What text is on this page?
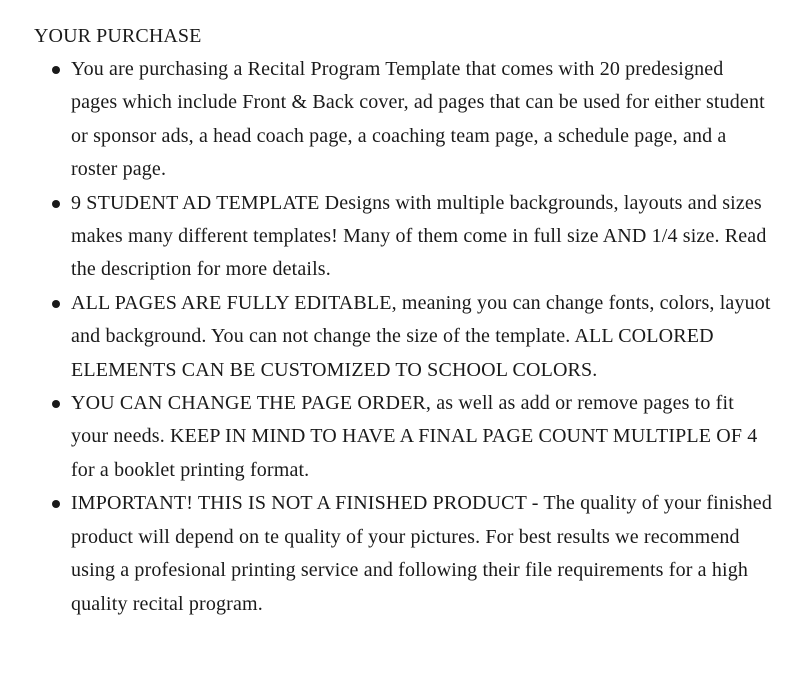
YOUR PURCHASE
You are purchasing a Recital Program Template that comes with 20 predesigned pages which include Front & Back cover, ad pages that can be used for either student or sponsor ads, a head coach page, a coaching team page, a schedule page, and a roster page.
9 STUDENT AD TEMPLATE Designs with multiple backgrounds, layouts and sizes makes many different templates! Many of them come in full size AND 1/4 size. Read the description for more details.
ALL PAGES ARE FULLY EDITABLE, meaning you can change fonts, colors, layuot and background. You can not change the size of the template. ALL COLORED ELEMENTS CAN BE CUSTOMIZED TO SCHOOL COLORS.
YOU CAN CHANGE THE PAGE ORDER, as well as add or remove pages to fit your needs. KEEP IN MIND TO HAVE A FINAL PAGE COUNT MULTIPLE OF 4 for a booklet printing format.
IMPORTANT! THIS IS NOT A FINISHED PRODUCT - The quality of your finished product will depend on te quality of your pictures. For best results we recommend using a profesional printing service and following their file requirements for a high quality recital program.
